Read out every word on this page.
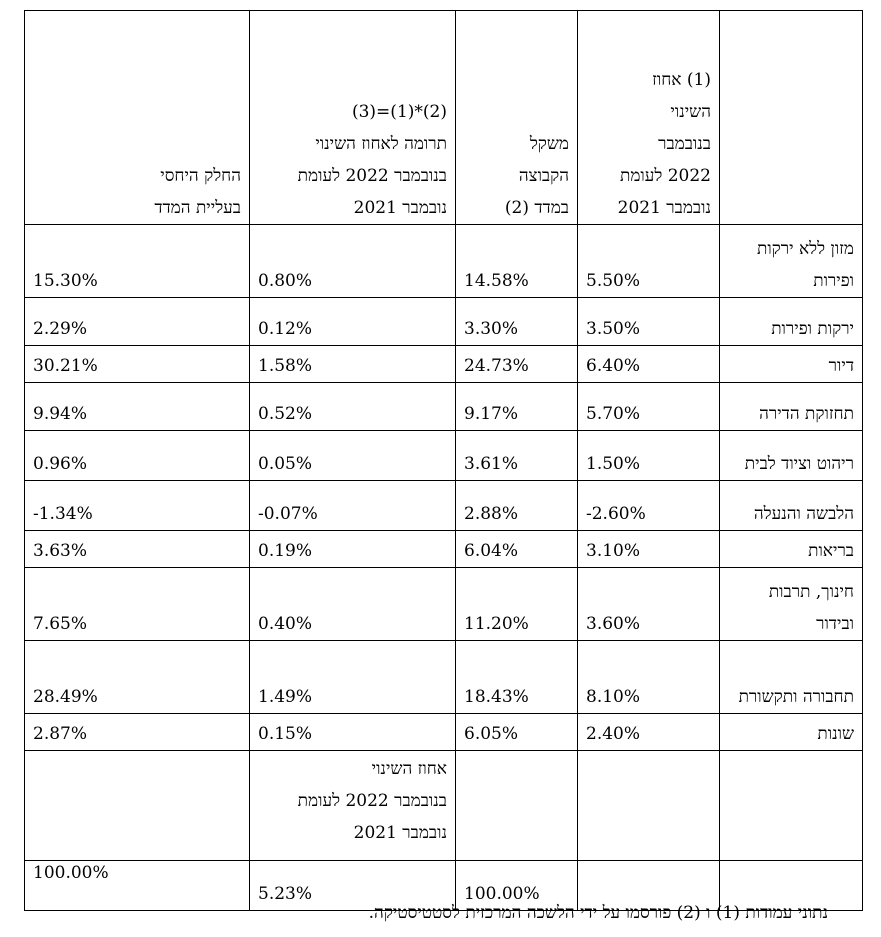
	(1) אחוז
השינוי
בנובמבר
2022 לעומת
נובמבר 2021	משקל
הקבוצה
במדד (2)	(2)*(1)=(3)
תרומה לאחוז השינוי
בנובמבר 2022 לעומת
נובמבר 2021	החלק היחסי
בעליית המדד

מזון ללא ירקות ופירות	5.50%	14.58%	0.80%	15.30%
ירקות ופירות	3.50%	3.30%	0.12%	2.29%
דיור	6.40%	24.73%	1.58%	30.21%
תחזוקת הדירה	5.70%	9.17%	0.52%	9.94%
ריהוט וציוד לבית	1.50%	3.61%	0.05%	0.96%
הלבשה והנעלה	-2.60%	2.88%	-0.07%	-1.34%
בריאות	3.10%	6.04%	0.19%	3.63%
חינוך, תרבות ובידור	3.60%	11.20%	0.40%	7.65%
תחבורה ותקשורת	8.10%	18.43%	1.49%	28.49%
שונות	2.40%	6.05%	0.15%	2.87%

			אחוז השינוי
בנובמבר 2022 לעומת
נובמבר 2021	

		100.00%	5.23%	100.00%
נתוני עמודות (1) ו (2) פורסמו על ידי הלשכה המרכזית לסטטיסטיקה.
